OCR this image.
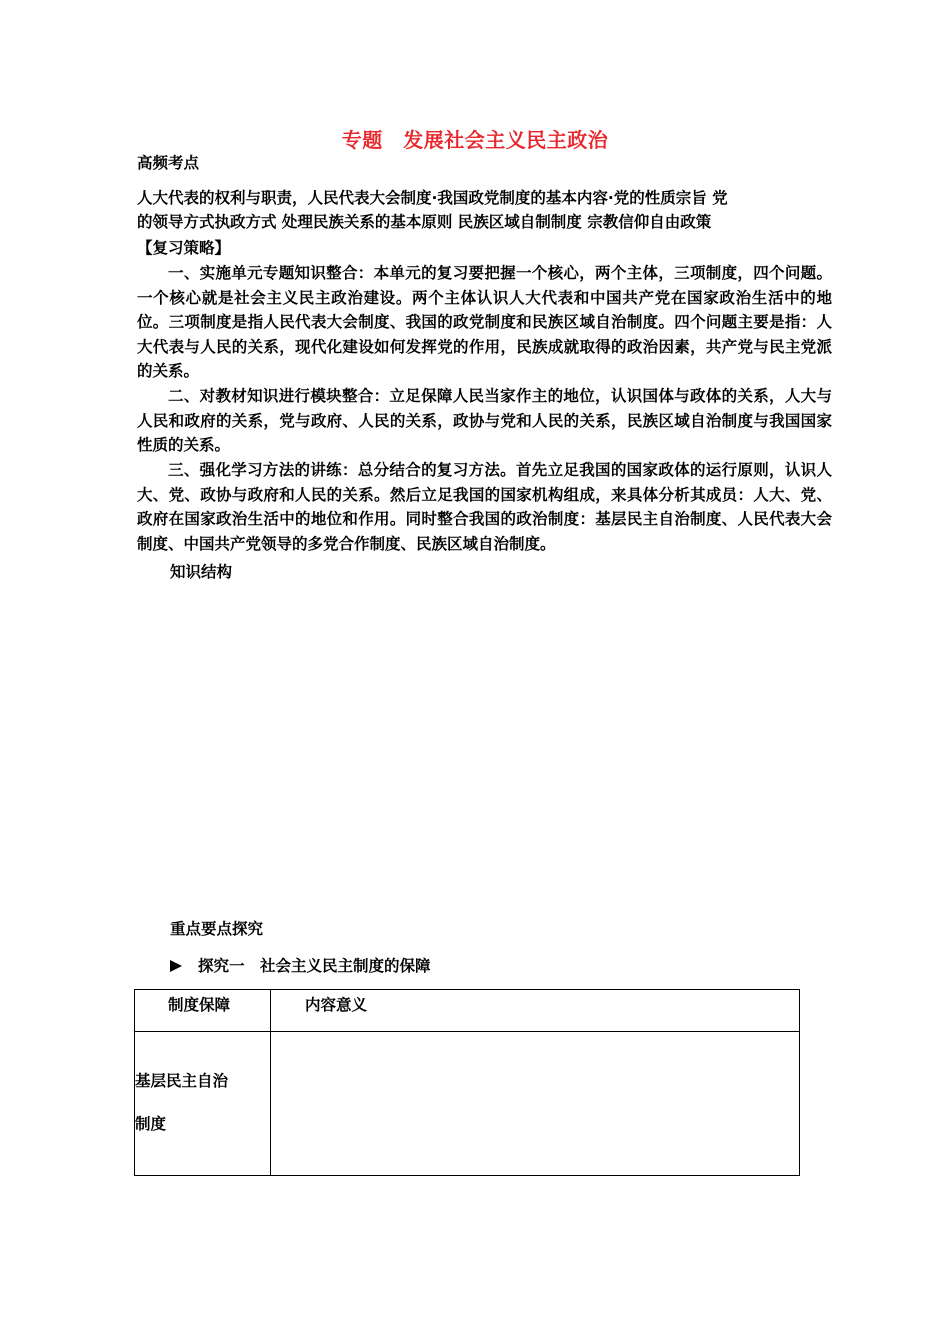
专题　发展社会主义民主政治
高频考点
人大代表的权利与职责，人民代表大会制度·我国政党制度的基本内容·党的性质宗旨 党
的领导方式执政方式 处理民族关系的基本原则 民族区域自制制度 宗教信仰自由政策
【复习策略】

一、实施单元专题知识整合：本单元的复习要把握一个核心，两个主体，三项制度，四个问题。一个核心就是社会主义民主政治建设。两个主体认识人大代表和中国共产党在国家政治生活中的地位。三项制度是指人民代表大会制度、我国的政党制度和民族区域自治制度。四个问题主要是指：人大代表与人民的关系，现代化建设如何发挥党的作用，民族成就取得的政治因素，共产党与民主党派的关系。

二、对教材知识进行模块整合：立足保障人民当家作主的地位，认识国体与政体的关系，人大与人民和政府的关系，党与政府、人民的关系，政协与党和人民的关系，民族区域自治制度与我国国家性质的关系。

三、强化学习方法的讲练：总分结合的复习方法。首先立足我国的国家政体的运行原则，认识人大、党、政协与政府和人民的关系。然后立足我国的国家机构组成，来具体分析其成员：人大、党、政府在国家政治生活中的地位和作用。同时整合我国的政治制度：基层民主自治制度、人民代表大会制度、中国共产党领导的多党合作制度、民族区域自治制度。

知识结构
重点要点探究
探究一　社会主义民主制度的保障
制度保障	内容意义

基层民主自治制度	
